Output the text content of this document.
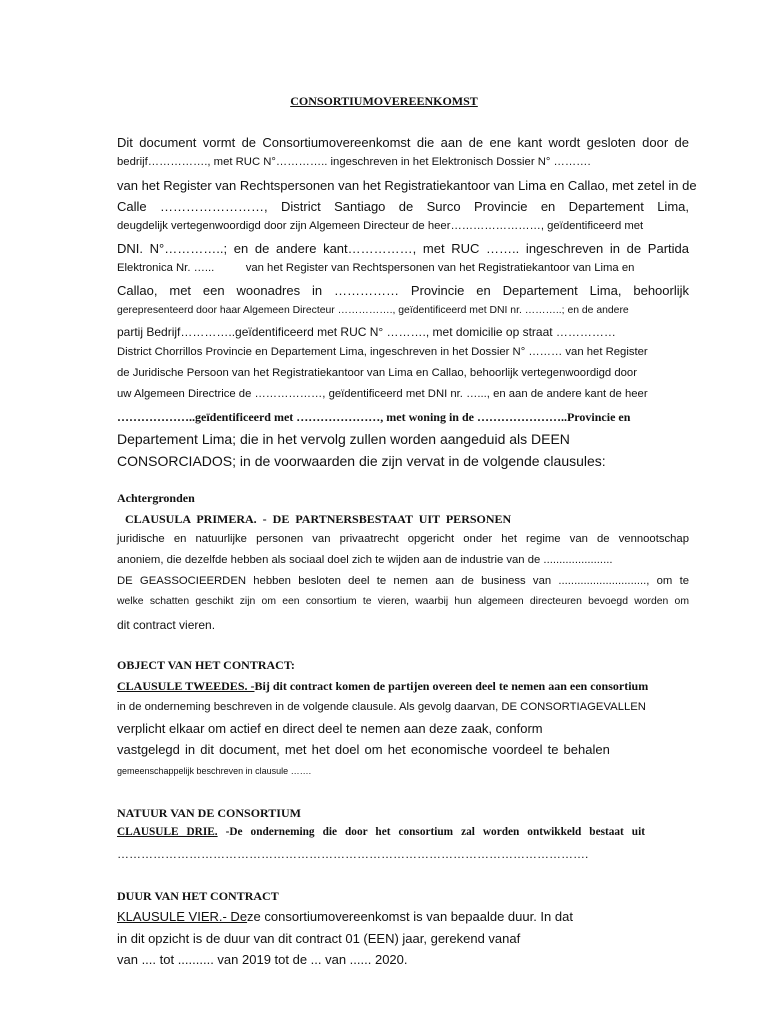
CONSORTIUMOVEREENKOMST
Dit document vormt de Consortiumovereenkomst die aan de ene kant wordt gesloten door de
bedrijf……………., met RUC N°………….. ingeschreven in het Elektronisch Dossier N° ……….
van het Register van Rechtspersonen van het Registratiekantoor van Lima en Callao, met zetel in de
Calle ……………………, District Santiago de Surco Provincie en Departement Lima,
deugdelijk vertegenwoordigd door zijn Algemeen Directeur de heer……………………, geïdentificeerd met
DNI. N°…………..; en de andere kant……………, met RUC …….. ingeschreven in de Partida
Elektronica Nr. …...          van het Register van Rechtspersonen van het Registratiekantoor van Lima en
Callao, met een woonadres in …………… Provincie en Departement Lima, behoorlijk
gerepresenteerd door haar Algemeen Directeur ……………., geïdentificeerd met DNI nr. ………..; en de andere
partij Bedrijf…………..geïdentificeerd met RUC N° ………., met domicilie op straat ……………
District Chorrillos Provincie en Departement Lima, ingeschreven in het Dossier N° ……… van het Register
de Juridische Persoon van het Registratiekantoor van Lima en Callao, behoorlijk vertegenwoordigd door
uw Algemeen Directrice de ………………, geïdentificeerd met DNI nr. …..., en aan de andere kant de heer
………………..geïdentificeerd met …………………, met woning in de …………………..Provincie en
Departement Lima; die in het vervolg zullen worden aangeduid als DEEN
CONSORCIADOS; in de voorwaarden die zijn vervat in de volgende clausules:
Achtergronden
CLAUSULA PRIMERA. - DE PARTNERSBESTAAT UIT PERSONEN
juridische en natuurlijke personen van privaatrecht opgericht onder het regime van de vennootschap
anoniem, die dezelfde hebben als sociaal doel zich te wijden aan de industrie van de ......................
DE GEASSOCIEERDEN hebben besloten deel te nemen aan de business van ............................, om te
welke schatten geschikt zijn om een consortium te vieren, waarbij hun algemeen directeuren bevoegd worden om
dit contract vieren.
OBJECT VAN HET CONTRACT:
CLAUSULE TWEEDES. -Bij dit contract komen de partijen overeen deel te nemen aan een consortium
in de onderneming beschreven in de volgende clausule. Als gevolg daarvan, DE CONSORTIAGEVALLEN
verplicht elkaar om actief en direct deel te nemen aan deze zaak, conform
vastgelegd in dit document, met het doel om het economische voordeel te behalen
gemeenschappelijk beschreven in clausule …….
NATUUR VAN DE CONSORTIUM
CLAUSULE DRIE. -De onderneming die door het consortium zal worden ontwikkeld bestaat uit
……………………………………………………………………………………………………….
DUUR VAN HET CONTRACT
KLAUSULE VIER.- Deze consortiumovereenkomst is van bepaalde duur. In dat
in dit opzicht is de duur van dit contract 01 (EEN) jaar, gerekend vanaf
van .... tot .......... van 2019 tot de ... van ...... 2020.
